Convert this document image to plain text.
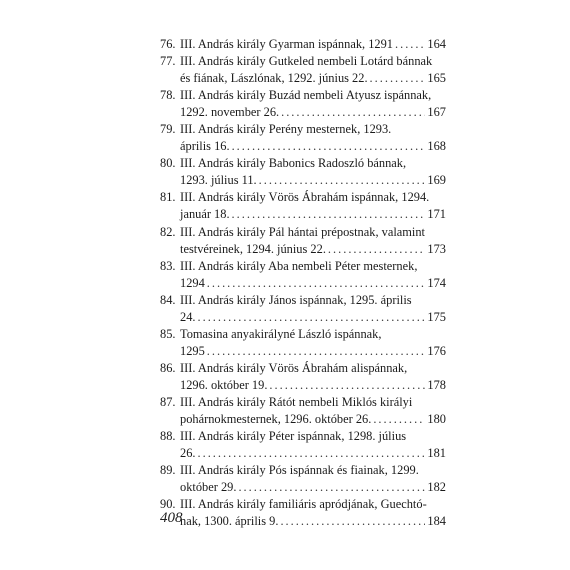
76. III. András király Gyarman ispánnak, 1291 .....	164
77. III. András király Gutkeled nembeli Lotárd bánnak
és fiának, Lászlónak, 1292. június 22. .....	165
78. III. András király Buzád nembeli Atyusz ispánnak,
1292. november 26. .....	167
79. III. András király Perény mesternek, 1293.
április 16. .....	168
80. III. András király Babonics Radoszló bánnak,
1293. július 11. .....	169
81. III. András király Vörös Ábrahám ispánnak, 1294.
január 18. .....	171
82. III. András király Pál hántai prépostnak, valamint
testvéreinek, 1294. június 22. .....	173
83. III. András király Aba nembeli Péter mesternek,
1294 .....	174
84. III. András király János ispánnak, 1295. április
24. .....	175
85. Tomasina anyakirályné László ispánnak,
1295 .....	176
86. III. András király Vörös Ábrahám alispánnak,
1296. október 19. .....	178
87. III. András király Rátót nembeli Miklós királyi
pohárnokmesternek, 1296. október 26. .....	180
88. III. András király Péter ispánnak, 1298. július
26. .....	181
89. III. András király Pós ispánnak és fiainak, 1299.
október 29. .....	182
90. III. András király familiáris apródjának, Guechtó-
nak, 1300. április 9. .....	184
408
